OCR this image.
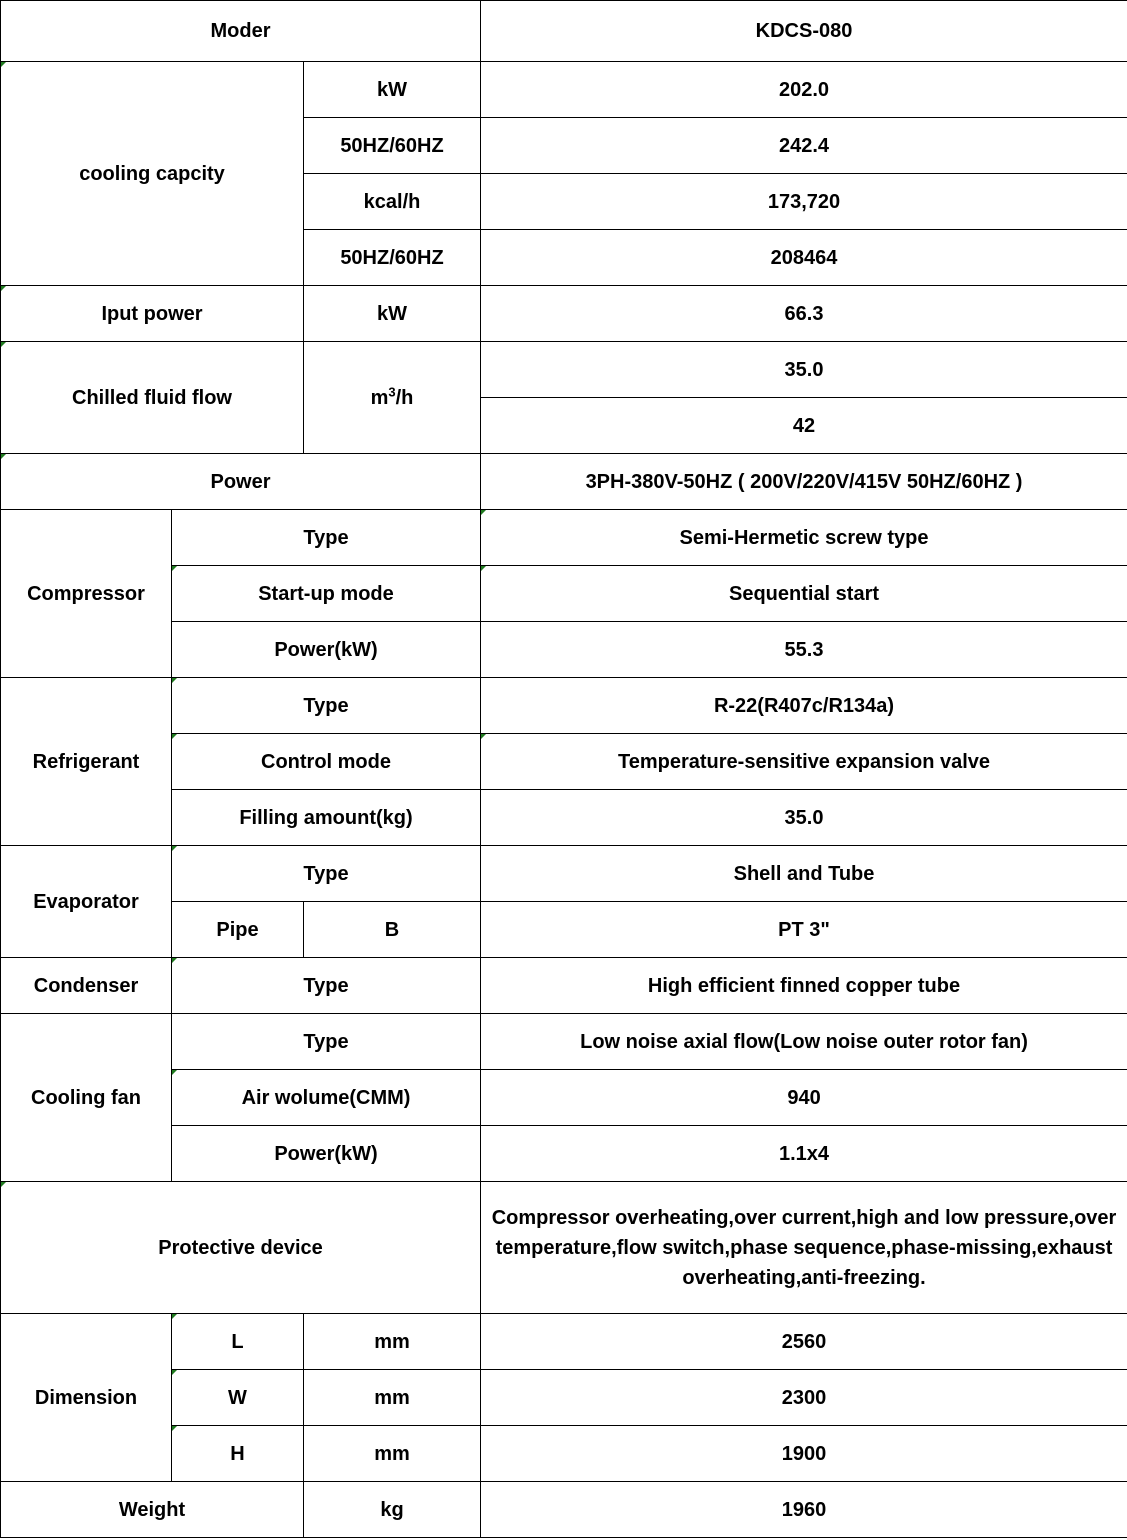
Moder			KDCS-080
cooling capcity		kW	202.0
		50HZ/60HZ	242.4
		kcal/h	173,720
		50HZ/60HZ	208464
Iput power		kW	66.3
Chilled fluid flow		$m^3/h$	35.0
			42
Power			3PH-380V-50HZ ( 200V/220V/415V 50HZ/60HZ )
Compressor	Type		Semi-Hermetic screw type
	Start-up mode		Sequential start
	Power(kW)		55.3
Refrigerant	Type		R-22(R407c/R134a)
	Control mode		Temperature-sensitive expansion valve
	Filling amount(kg)		35.0
Evaporator	Type		Shell and Tube
	Pipe	B	PT 3"
Condenser	Type		High efficient finned copper tube
Cooling fan	Type		Low noise axial flow(Low noise outer rotor fan)
	Air wolume(CMM)		940
	Power(kW)		1.1x4
Protective device			Compressor overheating,over current,high and low pressure,over temperature,flow switch,phase sequence,phase-missing,exhaust overheating,anti-freezing.
Dimension	L	mm	2560
	W	mm	2300
	H	mm	1900
Weight		kg	1960
